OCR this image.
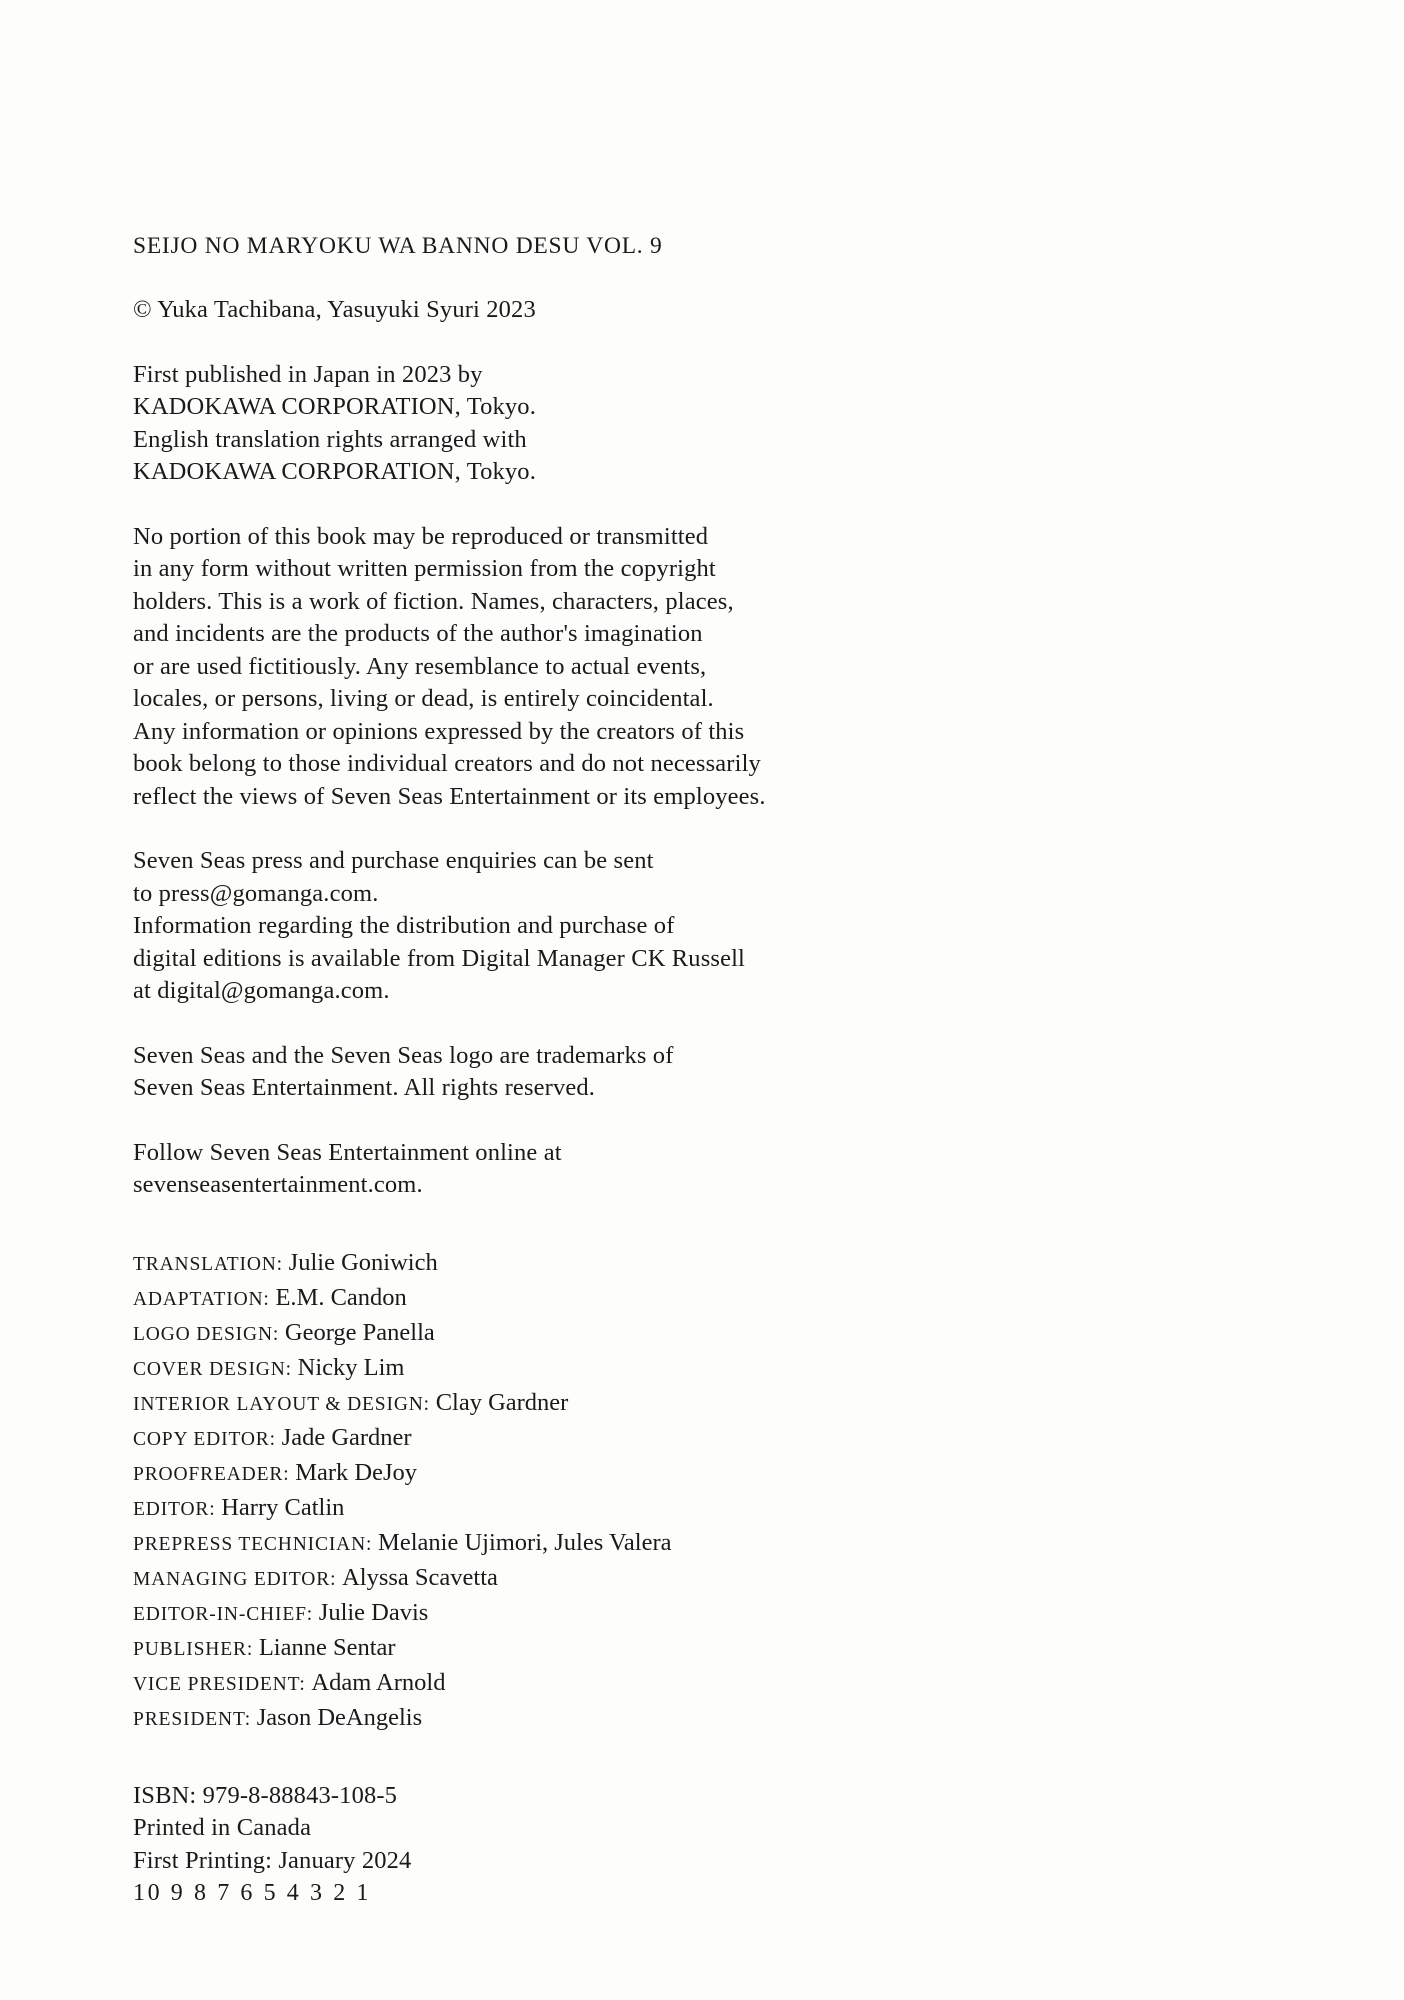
SEIJO NO MARYOKU WA BANNO DESU VOL. 9
© Yuka Tachibana, Yasuyuki Syuri 2023
First published in Japan in 2023 by
KADOKAWA CORPORATION, Tokyo.
English translation rights arranged with
KADOKAWA CORPORATION, Tokyo.
No portion of this book may be reproduced or transmitted
in any form without written permission from the copyright
holders. This is a work of fiction. Names, characters, places,
and incidents are the products of the author's imagination
or are used fictitiously. Any resemblance to actual events,
locales, or persons, living or dead, is entirely coincidental.
Any information or opinions expressed by the creators of this
book belong to those individual creators and do not necessarily
reflect the views of Seven Seas Entertainment or its employees.
Seven Seas press and purchase enquiries can be sent
to press@gomanga.com.
Information regarding the distribution and purchase of
digital editions is available from Digital Manager CK Russell
at digital@gomanga.com.
Seven Seas and the Seven Seas logo are trademarks of
Seven Seas Entertainment. All rights reserved.
Follow Seven Seas Entertainment online at
sevenseasentertainment.com.
TRANSLATION: Julie Goniwich
ADAPTATION: E.M. Candon
LOGO DESIGN: George Panella
COVER DESIGN: Nicky Lim
INTERIOR LAYOUT & DESIGN: Clay Gardner
COPY EDITOR: Jade Gardner
PROOFREADER: Mark DeJoy
EDITOR: Harry Catlin
PREPRESS TECHNICIAN: Melanie Ujimori, Jules Valera
MANAGING EDITOR: Alyssa Scavetta
EDITOR-IN-CHIEF: Julie Davis
PUBLISHER: Lianne Sentar
VICE PRESIDENT: Adam Arnold
PRESIDENT: Jason DeAngelis
ISBN: 979-8-88843-108-5
Printed in Canada
First Printing: January 2024
10 9 8 7 6 5 4 3 2 1
